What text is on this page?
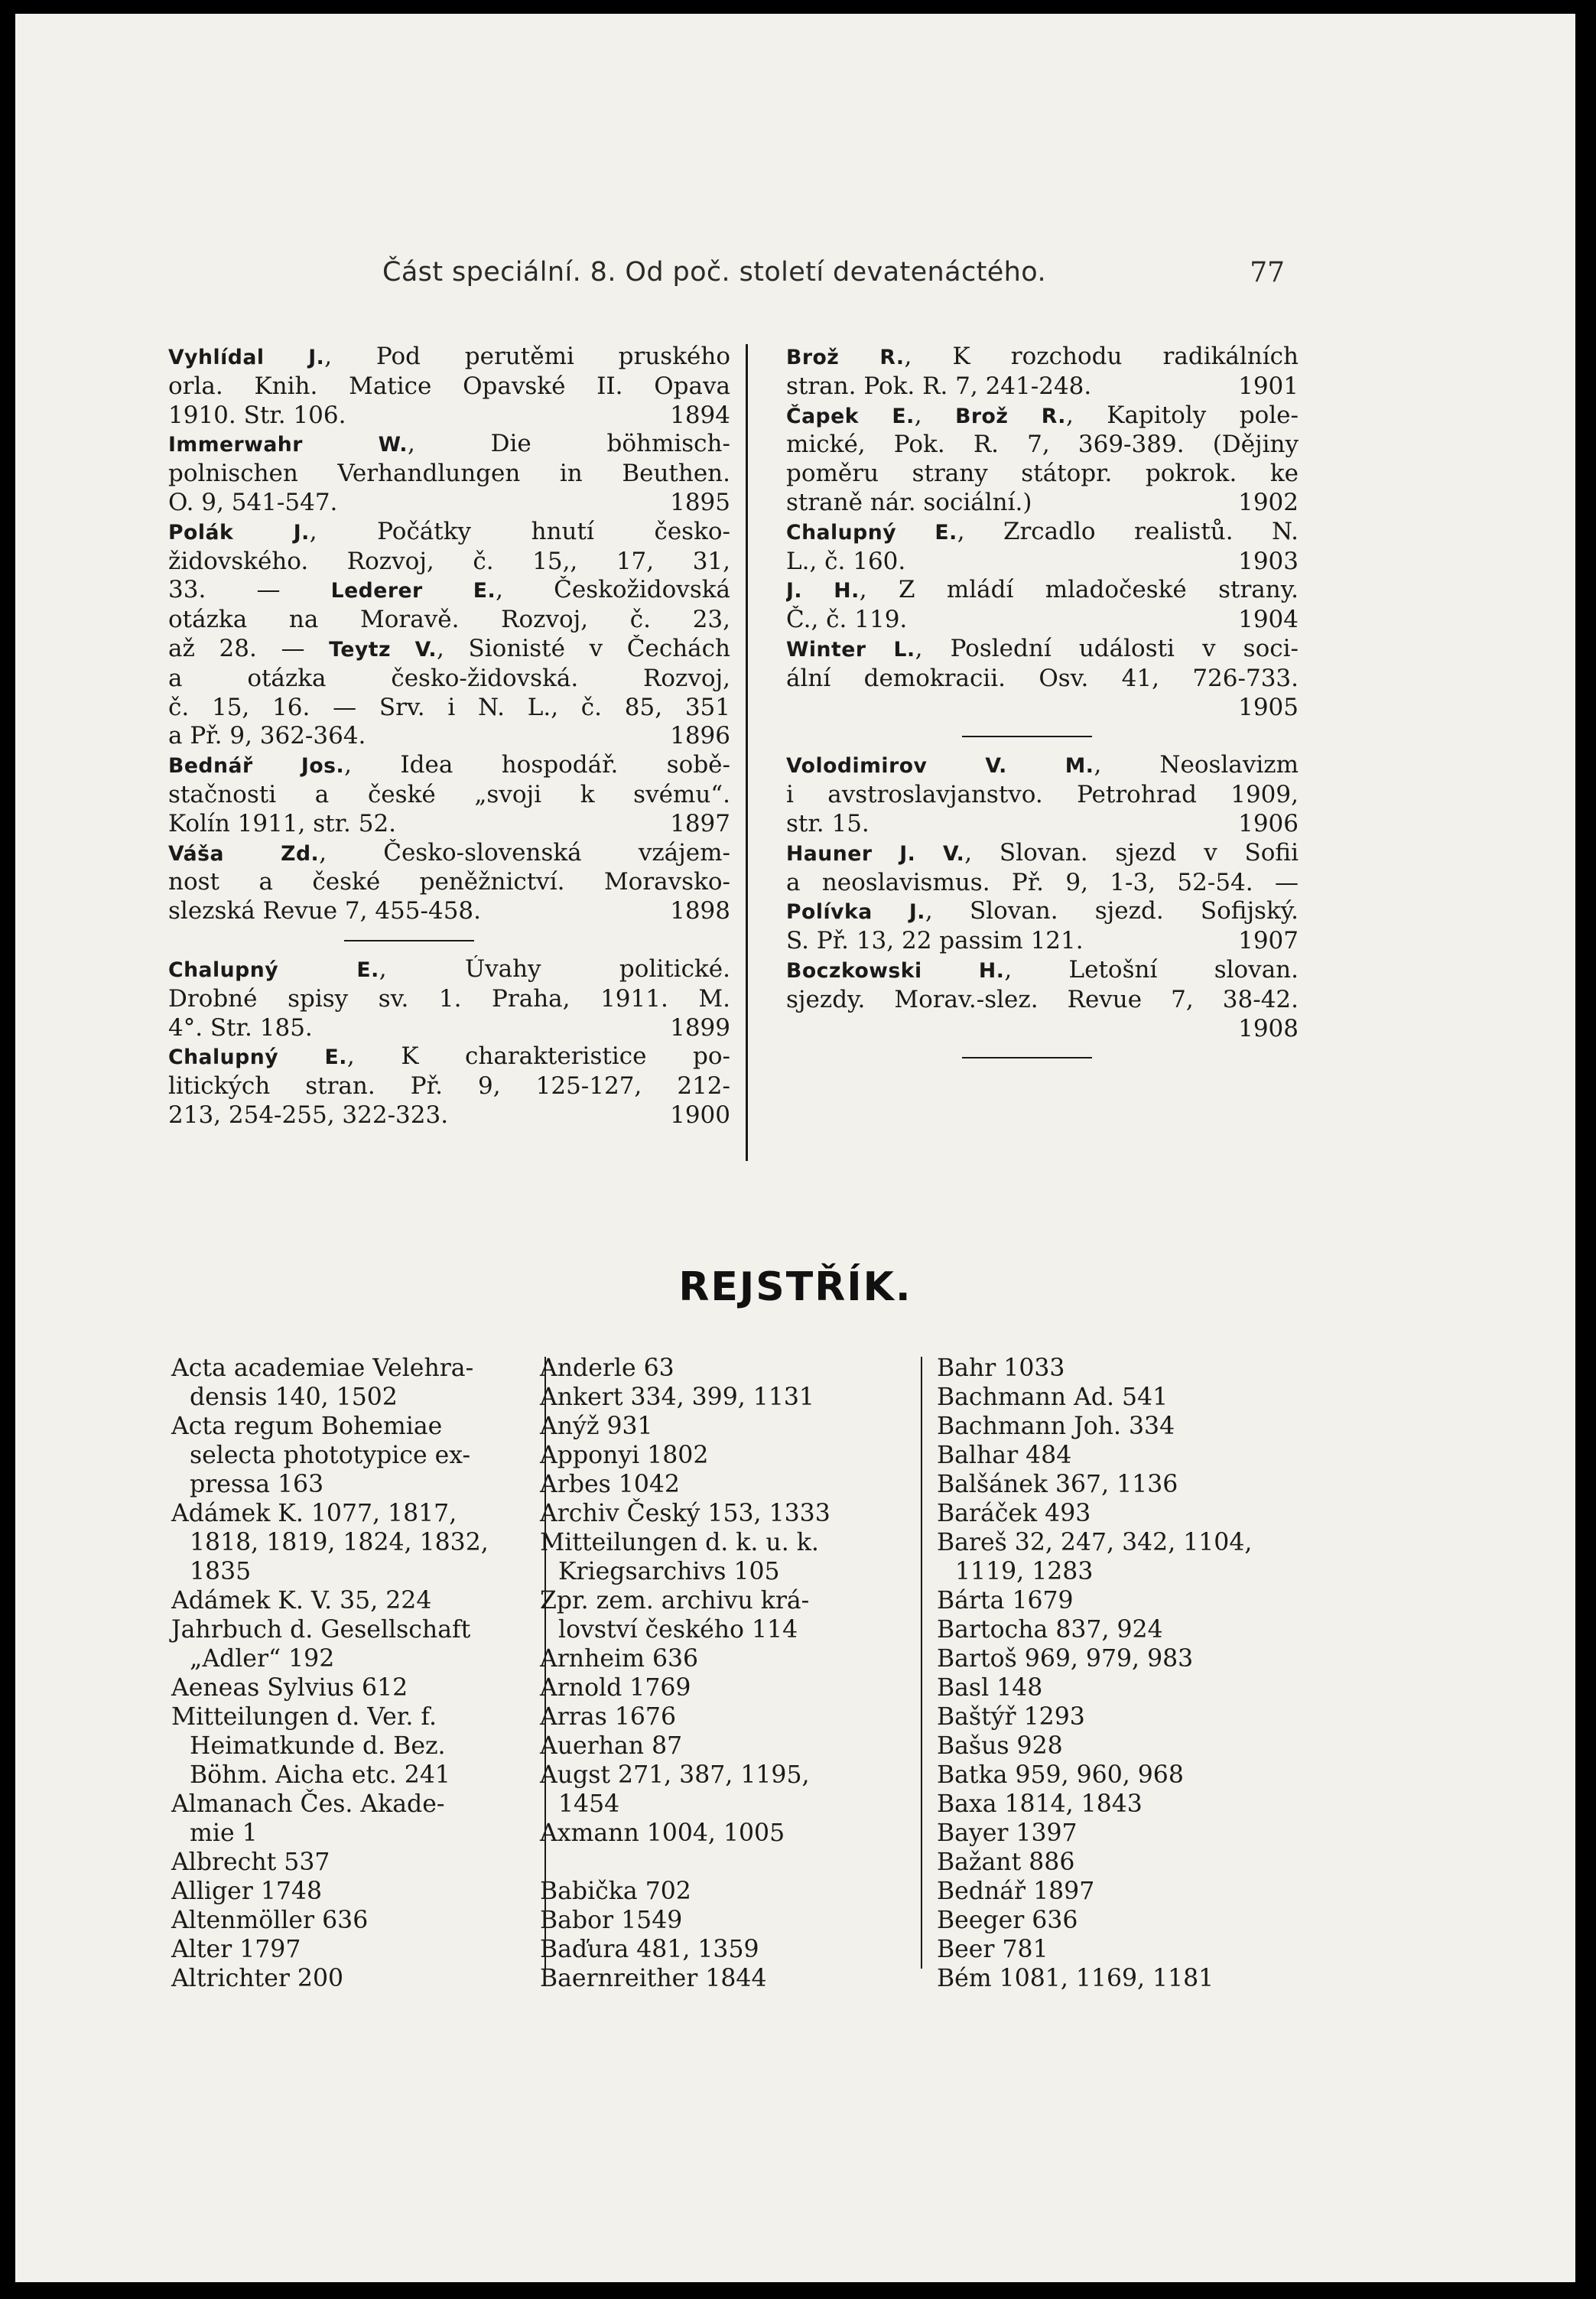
Část speciální. 8. Od poč. století devatenáctého.	77
Vyhlídal J., Pod perutěmi pruského
orla. Knih. Matice Opavské II. Opava
1910. Str. 106.	1894
Immerwahr W., Die böhmisch-
polnischen Verhandlungen in Beuthen.
O. 9, 541-547.	1895
Polák J., Počátky hnutí česko-
židovského. Rozvoj, č. 15,, 17, 31,
33. — Lederer E., Českožidovská
otázka na Moravě. Rozvoj, č. 23,
až 28. — Teytz V., Sionisté v Čechách
a otázka česko-židovská. Rozvoj,
č. 15, 16. — Srv. i N. L., č. 85, 351
a Př. 9, 362-364.	1896
Bednář Jos., Idea hospodář. sobě-
stačnosti a české „svoji k svému“.
Kolín 1911, str. 52.	1897
Váša Zd., Česko-slovenská vzájem-
nost a české peněžnictví. Moravsko-
slezská Revue 7, 455-458.	1898
Chalupný E., Úvahy politické.
Drobné spisy sv. 1. Praha, 1911. M.
4°. Str. 185.	1899
Chalupný E., K charakteristice po-
litických stran. Př. 9, 125-127, 212-
213, 254-255, 322-323.	1900
Brož R., K rozchodu radikálních
stran. Pok. R. 7, 241-248.	1901
Čapek E., Brož R., Kapitoly pole-
mické, Pok. R. 7, 369-389. (Dějiny
poměru strany státopr. pokrok. ke
straně nár. sociální.)	1902
Chalupný E., Zrcadlo realistů. N.
L., č. 160.	1903
J. H., Z mládí mladočeské strany.
Č., č. 119.	1904
Winter L., Poslední události v soci-
ální demokracii. Osv. 41, 726-733.
1905
Volodimirov V. M., Neoslavizm
i avstroslavjanstvo. Petrohrad 1909,
str. 15.	1906
Hauner J. V., Slovan. sjezd v Sofii
a neoslavismus. Př. 9, 1-3, 52-54. —
Polívka J., Slovan. sjezd. Sofijský.
S. Př. 13, 22 passim 121.	1907
Boczkowski H., Letošní slovan.
sjezdy. Morav.-slez. Revue 7, 38-42.
1908
REJSTŘÍK.
Acta academiae Velehra-
densis 140, 1502
Acta regum Bohemiae
selecta phototypice ex-
pressa 163
Adámek K. 1077, 1817,
1818, 1819, 1824, 1832,
1835
Adámek K. V. 35, 224
Jahrbuch d. Gesellschaft
„Adler“ 192
Aeneas Sylvius 612
Mitteilungen d. Ver. f.
Heimatkunde d. Bez.
Böhm. Aicha etc. 241
Almanach Čes. Akade-
mie 1
Albrecht 537
Alliger 1748
Altenmöller 636
Alter 1797
Altrichter 200
Anderle 63
Ankert 334, 399, 1131
Anýž 931
Apponyi 1802
Arbes 1042
Archiv Český 153, 1333
Mitteilungen d. k. u. k.
Kriegsarchivs 105
Zpr. zem. archivu krá-
lovství českého 114
Arnheim 636
Arnold 1769
Arras 1676
Auerhan 87
Augst 271, 387, 1195,
1454
Axmann 1004, 1005

Babička 702
Babor 1549
Baďura 481, 1359
Baernreither 1844
Bahr 1033
Bachmann Ad. 541
Bachmann Joh. 334
Balhar 484
Balšánek 367, 1136
Baráček 493
Bareš 32, 247, 342, 1104,
1119, 1283
Bárta 1679
Bartocha 837, 924
Bartoš 969, 979, 983
Basl 148
Baštýř 1293
Bašus 928
Batka 959, 960, 968
Baxa 1814, 1843
Bayer 1397
Bažant 886
Bednář 1897
Beeger 636
Beer 781
Bém 1081, 1169, 1181
